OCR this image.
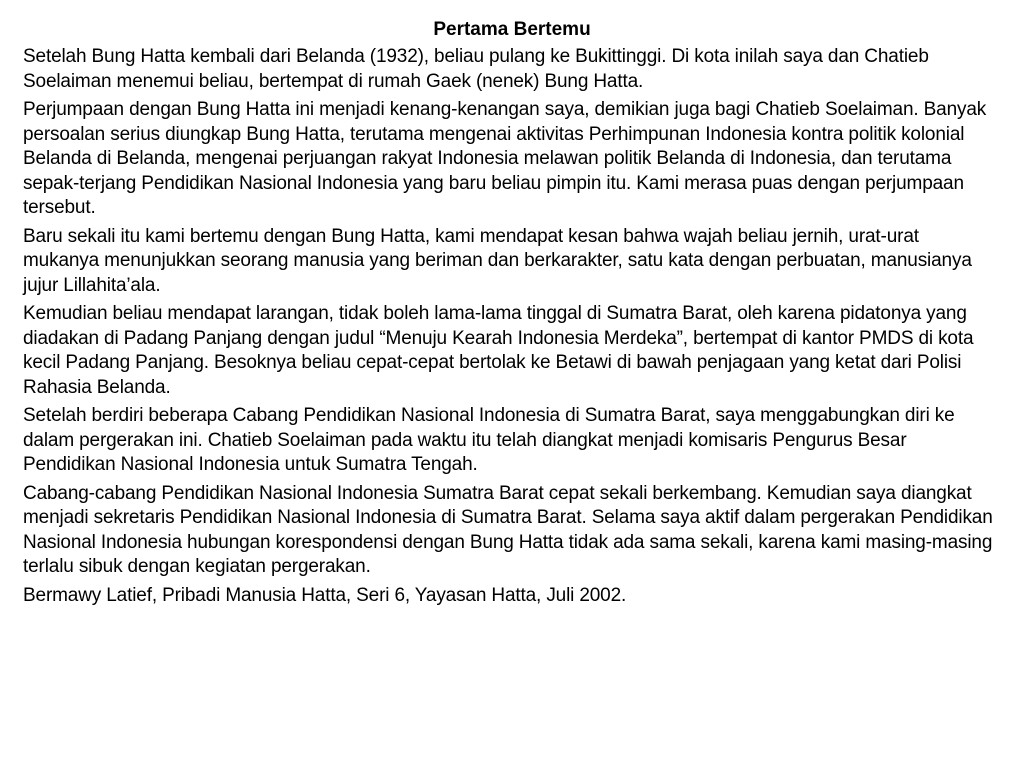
Pertama Bertemu

Setelah Bung Hatta kembali dari Belanda (1932), beliau pulang ke Bukittinggi. Di kota inilah saya dan Chatieb Soelaiman menemui beliau, bertempat di rumah Gaek (nenek) Bung Hatta.

Perjumpaan dengan Bung Hatta ini menjadi kenang-kenangan saya, demikian juga bagi Chatieb Soelaiman. Banyak persoalan serius diungkap Bung Hatta, terutama mengenai aktivitas Perhimpunan Indonesia kontra politik kolonial Belanda di Belanda, mengenai perjuangan rakyat Indonesia melawan politik Belanda di Indonesia, dan terutama sepak-terjang Pendidikan Nasional Indonesia yang baru beliau pimpin itu. Kami merasa puas dengan perjumpaan tersebut.

Baru sekali itu kami bertemu dengan Bung Hatta, kami mendapat kesan bahwa wajah beliau jernih, urat-urat mukanya menunjukkan seorang manusia yang beriman dan berkarakter, satu kata dengan perbuatan, manusianya jujur Lillahita’ala.

Kemudian beliau mendapat larangan, tidak boleh lama-lama tinggal di Sumatra Barat, oleh karena pidatonya yang diadakan di Padang Panjang dengan judul “Menuju Kearah Indonesia Merdeka”, bertempat di kantor PMDS di kota kecil Padang Panjang. Besoknya beliau cepat-cepat bertolak ke Betawi di bawah penjagaan yang ketat dari Polisi Rahasia Belanda.

Setelah berdiri beberapa Cabang Pendidikan Nasional Indonesia di Sumatra Barat, saya menggabungkan diri ke dalam pergerakan ini. Chatieb Soelaiman pada waktu itu telah diangkat menjadi komisaris Pengurus Besar Pendidikan Nasional Indonesia untuk Sumatra Tengah.

Cabang-cabang Pendidikan Nasional Indonesia Sumatra Barat cepat sekali berkembang. Kemudian saya diangkat menjadi sekretaris Pendidikan Nasional Indonesia di Sumatra Barat. Selama saya aktif dalam pergerakan Pendidikan Nasional Indonesia hubungan korespondensi dengan Bung Hatta tidak ada sama sekali, karena kami masing-masing terlalu sibuk dengan kegiatan pergerakan.

Bermawy Latief, Pribadi Manusia Hatta, Seri 6, Yayasan Hatta, Juli 2002.
